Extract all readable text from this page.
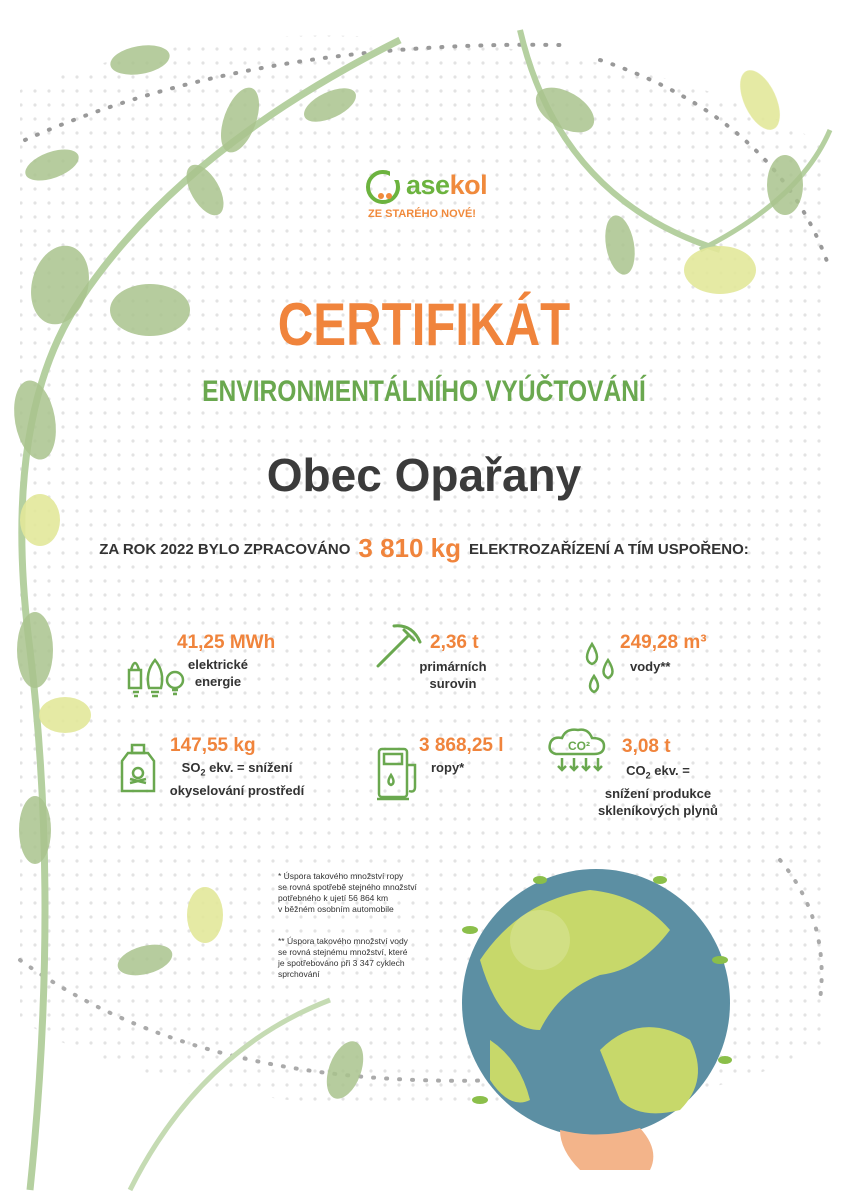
asekol
ZE STARÉHO NOVÉ!
CERTIFIKÁT
ENVIRONMENTÁLNÍHO VYÚČTOVÁNÍ
Obec Opařany
ZA ROK 2022 BYLO ZPRACOVÁNO 3 810 kg ELEKTROZAŘÍZENÍ A TÍM USPOŘENO:
41,25 MWh
elektrické
energie
2,36 t
primárních
surovin
249,28 m³
vody**
147,55 kg
$SO_2$ ekv. = snížení
okyselování prostředí
3 868,25 l
ropy*
CO² 3,08 t
$CO_2$ ekv. =
snížení produkce
skleníkových plynů
* Úspora takového množství ropy
se rovná spotřebě stejného množství
potřebného k ujetí 56 864 km
v běžném osobním automobile
** Úspora takového množství vody
se rovná stejnému množství, které
je spotřebováno při 3 347 cyklech
sprchování
